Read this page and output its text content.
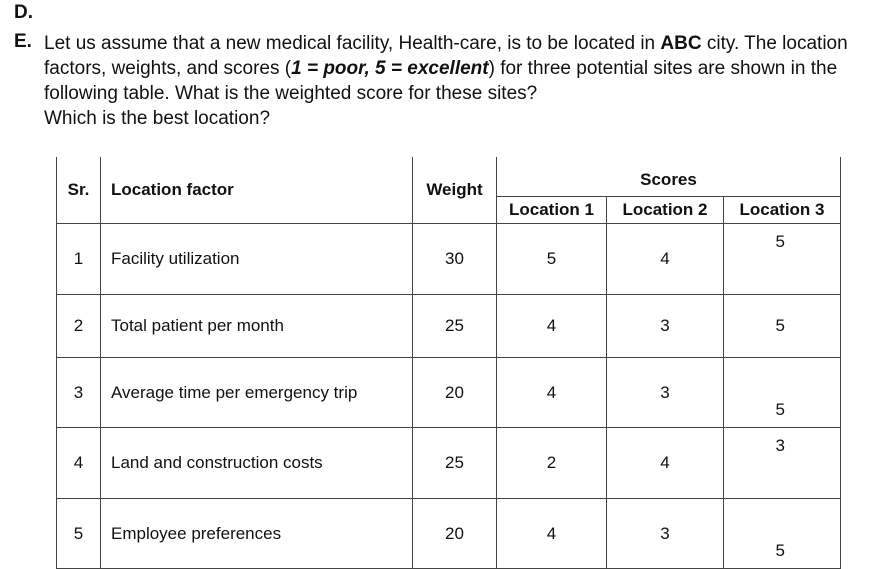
D.
E. Let us assume that a new medical facility, Health-care, is to be located in ABC city. The location factors, weights, and scores (1 = poor, 5 = excellent) for three potential sites are shown in the following table. What is the weighted score for these sites?
Which is the best location?
Sr.	Location factor	Weight	Scores		
			Location 1	Location 2	Location 3
1	Facility utilization	30	5	4	5
2	Total patient per month	25	4	3	5
3	Average time per emergency trip	20	4	3	5
4	Land and construction costs	25	2	4	3
5	Employee preferences	20	4	3	5
